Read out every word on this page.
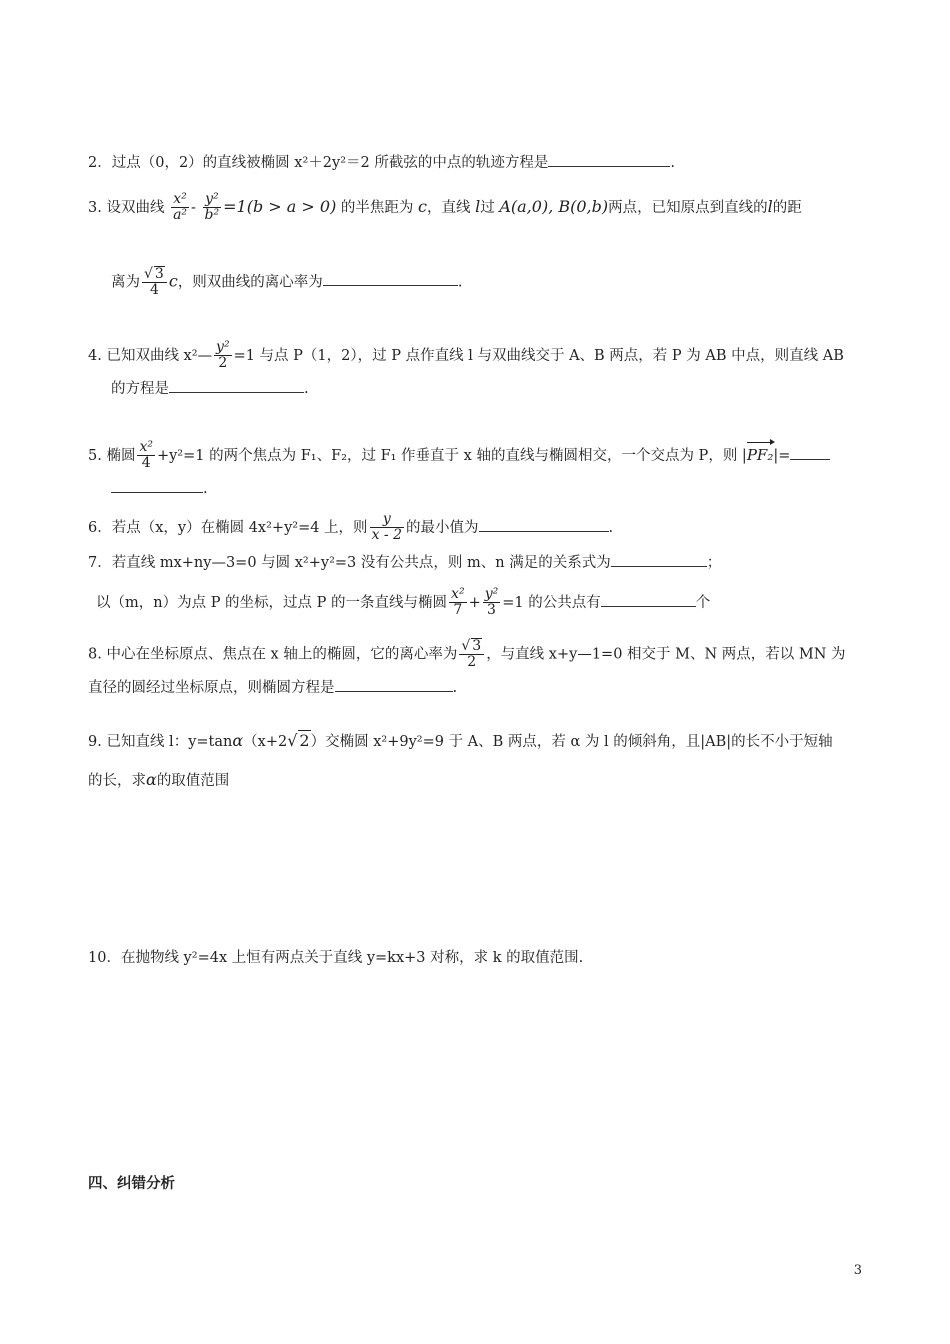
2．过点（0，2）的直线被椭圆 x²＋2y²＝2 所截弦的中点的轨迹方程是	.
3. 设双曲线 $\frac{\text{x²}}{\text{a²}} - \frac{\text{y²}}{\text{b²}} =1(b > a > 0)$ 的半焦距为 c，直线 l过 A(a,0), B(0,b)两点，已知原点到直线的l的距
离为 $\frac{√ 3}{4}$ c，则双曲线的离心率为	.
4. 已知双曲线 x²— $\frac{\text{y²}}{2} =1$ 与点 P（1，2），过 P 点作直线 l 与双曲线交于 A、B 两点，若 P 为 AB 中点，则直线 AB
的方程是	.
5. 椭圆 $\frac{\text{x²}}{4} +y^2=1$ 的两个焦点为 F₁、F₂，过 F₁ 作垂直于 x 轴的直线与椭圆相交，一个交点为 P，则 |PF₂|=
.
6．若点（x，y）在椭圆 4x²+y²=4 上，则 $\frac{y}{x - 2}$ 的最小值为	.
7．若直线 mx+ny—3=0 与圆 x²+y²=3 没有公共点，则 m、n 满足的关系式为	；
以（m，n）为点 P 的坐标，过点 P 的一条直线与椭圆 $\frac{\text{x²}}{7} + \frac{\text{y²}}{3} =1$ 的公共点有	个
8. 中心在坐标原点、焦点在 x 轴上的椭圆，它的离心率为 $\frac{√ 3}{2}$ ，与直线 x+y—1=0 相交于 M、N 两点，若以 MN 为
直径的圆经过坐标原点，则椭圆方程是	.
9. 已知直线 l：y=tanα（x+2√ 2）交椭圆 x²+9y²=9 于 A、B 两点，若 α 为 l 的倾斜角，且|AB|的长不小于短轴
的长，求α的取值范围
10．在抛物线 y²=4x 上恒有两点关于直线 y=kx+3 对称，求 k 的取值范围.
四、纠错分析
3
